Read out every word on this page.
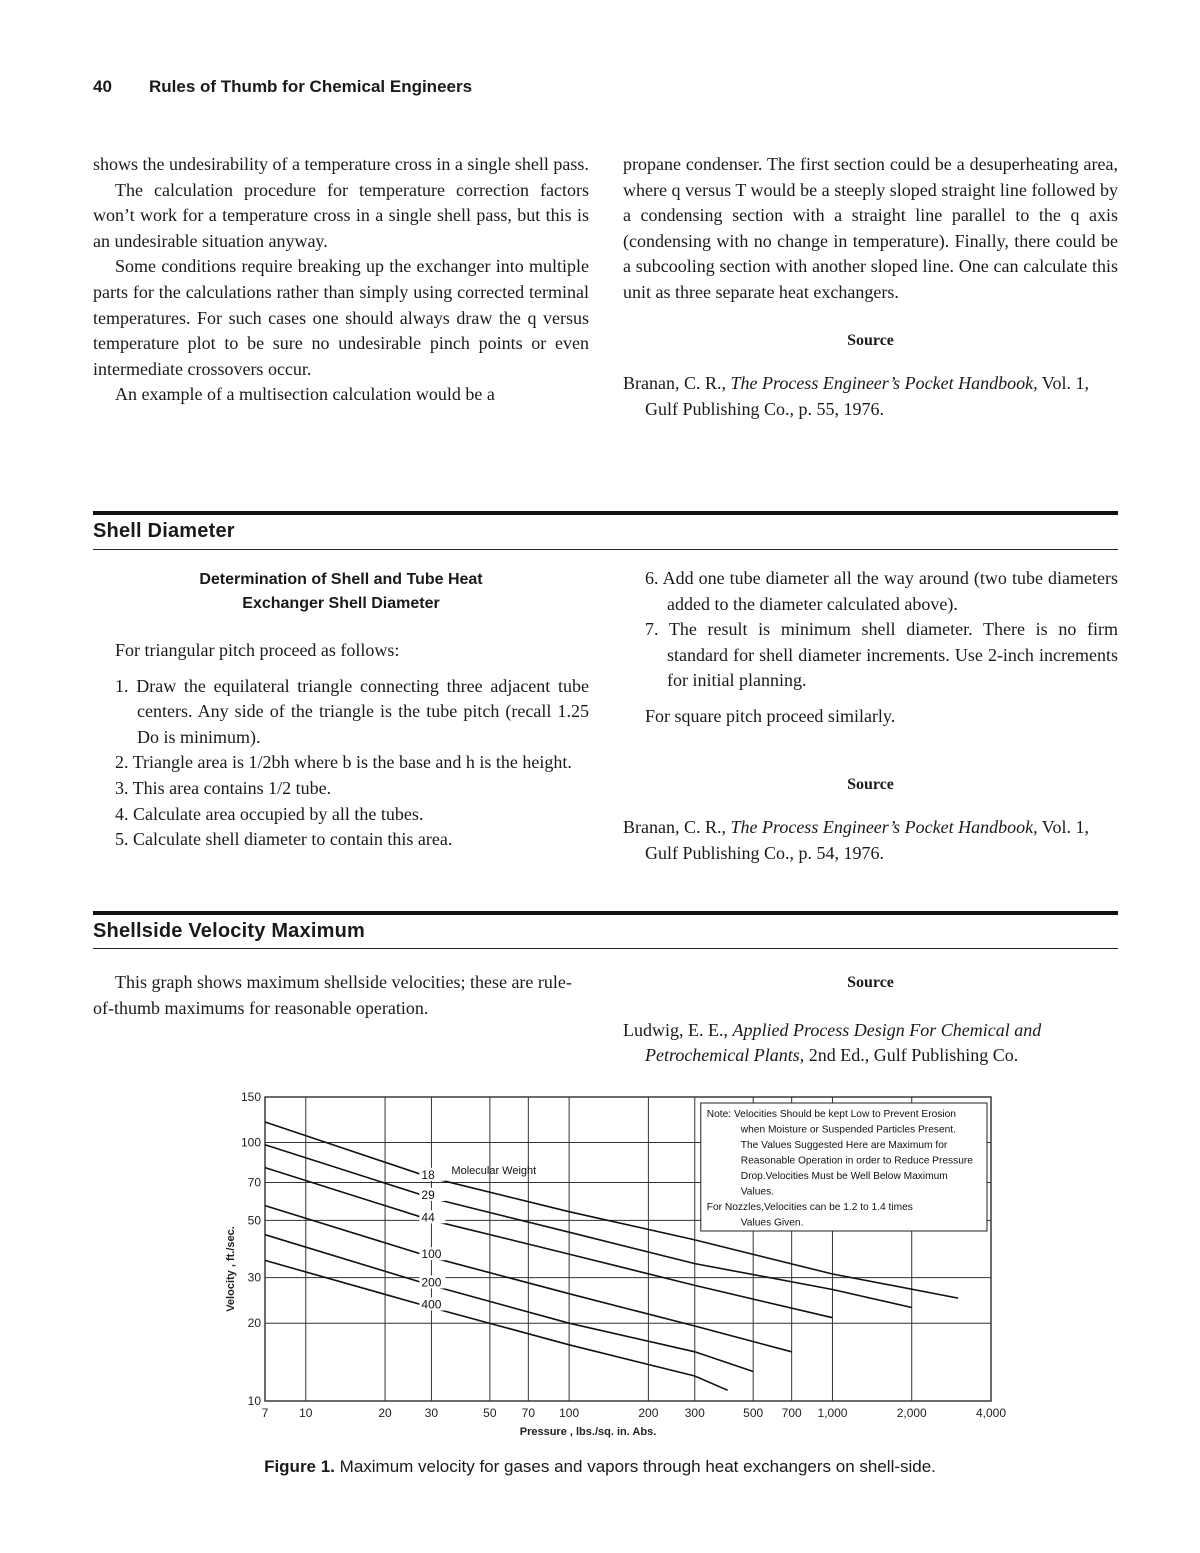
40 Rules of Thumb for Chemical Engineers

shows the undesirability of a temperature cross in a single shell pass.

The calculation procedure for temperature correction factors won’t work for a temperature cross in a single shell pass, but this is an undesirable situation anyway.

Some conditions require breaking up the exchanger into multiple parts for the calculations rather than simply using corrected terminal temperatures. For such cases one should always draw the q versus temperature plot to be sure no undesirable pinch points or even intermediate crossovers occur.

An example of a multisection calculation would be a

propane condenser. The first section could be a desuperheating area, where q versus T would be a steeply sloped straight line followed by a condensing section with a straight line parallel to the q axis (condensing with no change in temperature). Finally, there could be a subcooling section with another sloped line. One can calculate this unit as three separate heat exchangers.

Source

Branan, C. R., The Process Engineer’s Pocket Handbook, Vol. 1, Gulf Publishing Co., p. 55, 1976.

Shell Diameter
Determination of Shell and Tube Heat
Exchanger Shell Diameter

For triangular pitch proceed as follows:

1. Draw the equilateral triangle connecting three adjacent tube centers. Any side of the triangle is the tube pitch (recall 1.25 Do is minimum).
2. Triangle area is 1/2bh where b is the base and h is the height.
3. This area contains 1/2 tube.
4. Calculate area occupied by all the tubes.
5. Calculate shell diameter to contain this area.
6. Add one tube diameter all the way around (two tube diameters added to the diameter calculated above).
7. The result is minimum shell diameter. There is no firm standard for shell diameter increments. Use 2-inch increments for initial planning.

For square pitch proceed similarly.

Source

Branan, C. R., The Process Engineer’s Pocket Handbook, Vol. 1, Gulf Publishing Co., p. 54, 1976.

Shellside Velocity Maximum

This graph shows maximum shellside velocities; these are rule-of-thumb maximums for reasonable operation.

Source

Ludwig, E. E., Applied Process Design For Chemical and Petrochemical Plants, 2nd Ed., Gulf Publishing Co.

7	10	20	30	50 70 100	200 300	500 700 1,000	2,000	4,000
10
20
30
50
70
100
150
Pressure , lbs./sq. in. Abs.
Velocity , ft./sec.
18
29
44
100
200
400
Molecular Weight
Note: Velocities Should be kept Low to Prevent Erosion
when Moisture or Suspended Particles Present.
The Values Suggested Here are Maximum for
Reasonable Operation in order to Reduce Pressure
Drop.Velocities Must be Well Below Maximum
Values.
For Nozzles,Velocities can be 1.2 to 1.4 times
Values Given.
Figure 1. Maximum velocity for gases and vapors through heat exchangers on shell-side.
